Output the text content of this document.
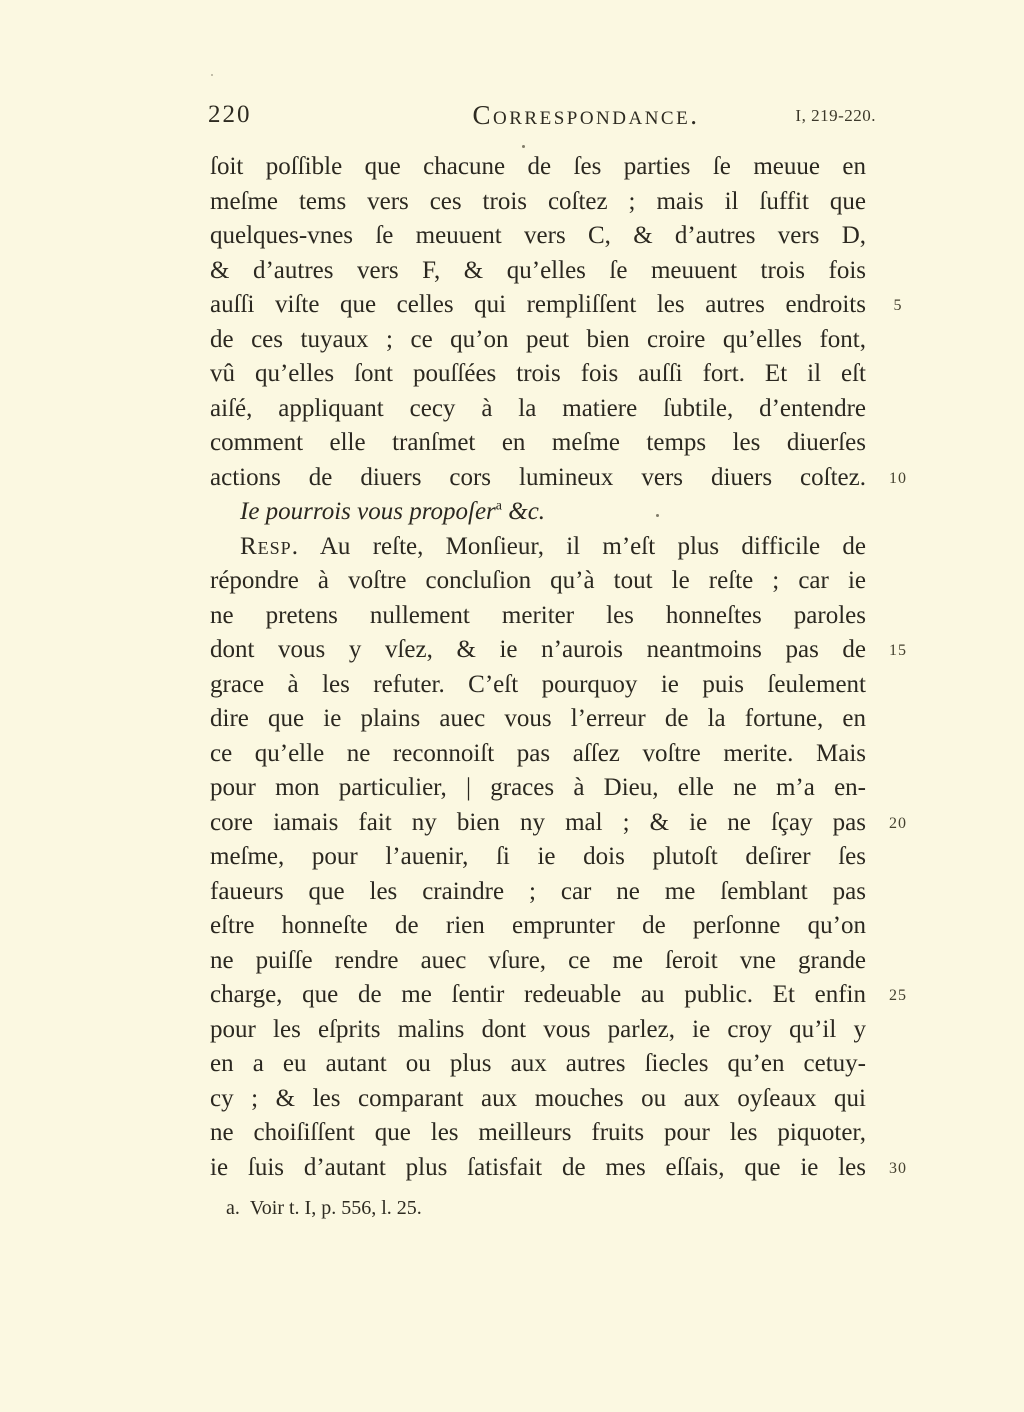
220	Correspondance.	I, 219-220.
ſoit poſſible que chacune de ſes parties ſe meuue en
meſme tems vers ces trois coſtez ; mais il ſuffit que
quelques-vnes ſe meuuent vers C, & d’autres vers D,
& d’autres vers F, & qu’elles ſe meuuent trois fois
auſſi viſte que celles qui rempliſſent les autres endroits	5
de ces tuyaux ; ce qu’on peut bien croire qu’elles font,
vû qu’elles ſont pouſſées trois fois auſſi fort. Et il eſt
aiſé, appliquant cecy à la matiere ſubtile, d’entendre
comment elle tranſmet en meſme temps les diuerſes
actions de diuers cors lumineux vers diuers coſtez.	10
Ie pourrois vous propoſer$^a$ &c.
Resp. Au reſte, Monſieur, il m’eſt plus difficile de
répondre à voſtre concluſion qu’à tout le reſte ; car ie
ne pretens nullement meriter les honneſtes paroles
dont vous y vſez, & ie n’aurois neantmoins pas de	15
grace à les refuter. C’eſt pourquoy ie puis ſeulement
dire que ie plains auec vous l’erreur de la fortune, en
ce qu’elle ne reconnoiſt pas aſſez voſtre merite. Mais
pour mon particulier, | graces à Dieu, elle ne m’a en-
core iamais fait ny bien ny mal ; & ie ne ſçay pas	20
meſme, pour l’auenir, ſi ie dois plutoſt deſirer ſes
faueurs que les craindre ; car ne me ſemblant pas
eſtre honneſte de rien emprunter de perſonne qu’on
ne puiſſe rendre auec vſure, ce me ſeroit vne grande
charge, que de me ſentir redeuable au public. Et enfin	25
pour les eſprits malins dont vous parlez, ie croy qu’il y
en a eu autant ou plus aux autres ſiecles qu’en cetuy-
cy ; & les comparant aux mouches ou aux oyſeaux qui
ne choiſiſſent que les meilleurs fruits pour les piquoter,
ie ſuis d’autant plus ſatisfait de mes eſſais, que ie les	30
a. Voir t. I, p. 556, l. 25.
